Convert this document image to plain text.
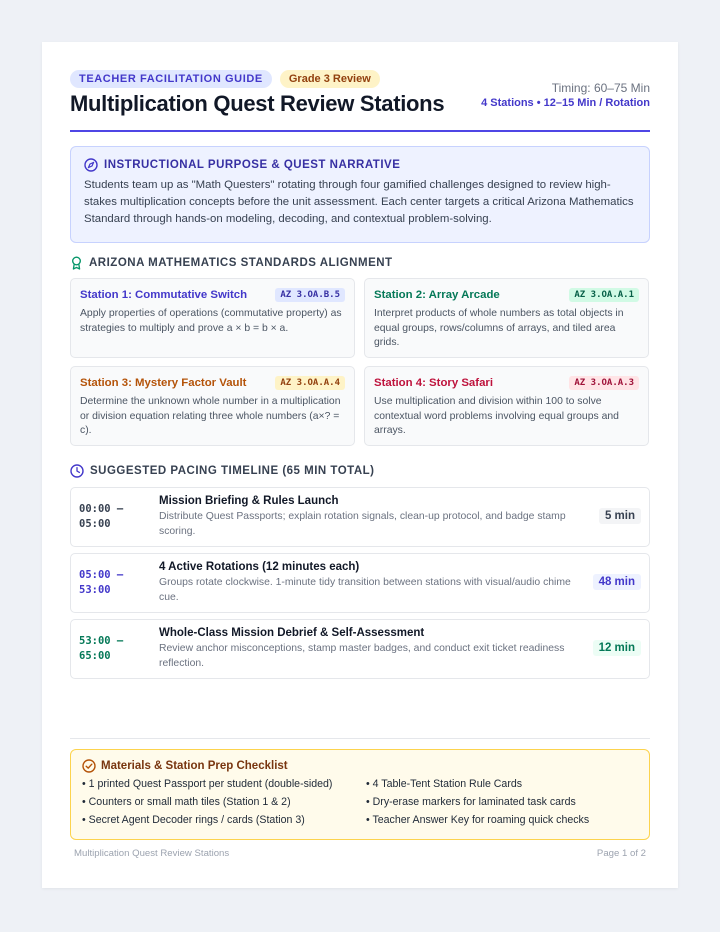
TEACHER FACILITATION GUIDE	Grade 3 Review
Multiplication Quest Review Stations
Timing: 60–75 Min
4 Stations • 12–15 Min / Rotation
INSTRUCTIONAL PURPOSE & QUEST NARRATIVE
Students team up as "Math Questers" rotating through four gamified challenges designed to review high-stakes multiplication concepts before the unit assessment. Each center targets a critical Arizona Mathematics Standard through hands-on modeling, decoding, and contextual problem-solving.
ARIZONA MATHEMATICS STANDARDS ALIGNMENT
Station 1: Commutative Switch	AZ 3.OA.B.5
Apply properties of operations (commutative property) as strategies to multiply and prove a × b = b × a.
Station 2: Array Arcade	AZ 3.OA.A.1
Interpret products of whole numbers as total objects in equal groups, rows/columns of arrays, and tiled area grids.
Station 3: Mystery Factor Vault	AZ 3.OA.A.4
Determine the unknown whole number in a multiplication or division equation relating three whole numbers (a×? = c).
Station 4: Story Safari	AZ 3.OA.A.3
Use multiplication and division within 100 to solve contextual word problems involving equal groups and arrays.
SUGGESTED PACING TIMELINE (65 MIN TOTAL)
00:00 – 05:00
Mission Briefing & Rules Launch
Distribute Quest Passports; explain rotation signals, clean-up protocol, and badge stamp scoring.
5 min
05:00 – 53:00
4 Active Rotations (12 minutes each)
Groups rotate clockwise. 1-minute tidy transition between stations with visual/audio chime cue.
48 min
53:00 – 65:00
Whole-Class Mission Debrief & Self-Assessment
Review anchor misconceptions, stamp master badges, and conduct exit ticket readiness reflection.
12 min
Materials & Station Prep Checklist
• 1 printed Quest Passport per student (double-sided)	• 4 Table-Tent Station Rule Cards
• Counters or small math tiles (Station 1 & 2)	• Dry-erase markers for laminated task cards
• Secret Agent Decoder rings / cards (Station 3)	• Teacher Answer Key for roaming quick checks
Multiplication Quest Review Stations	Page 1 of 2
